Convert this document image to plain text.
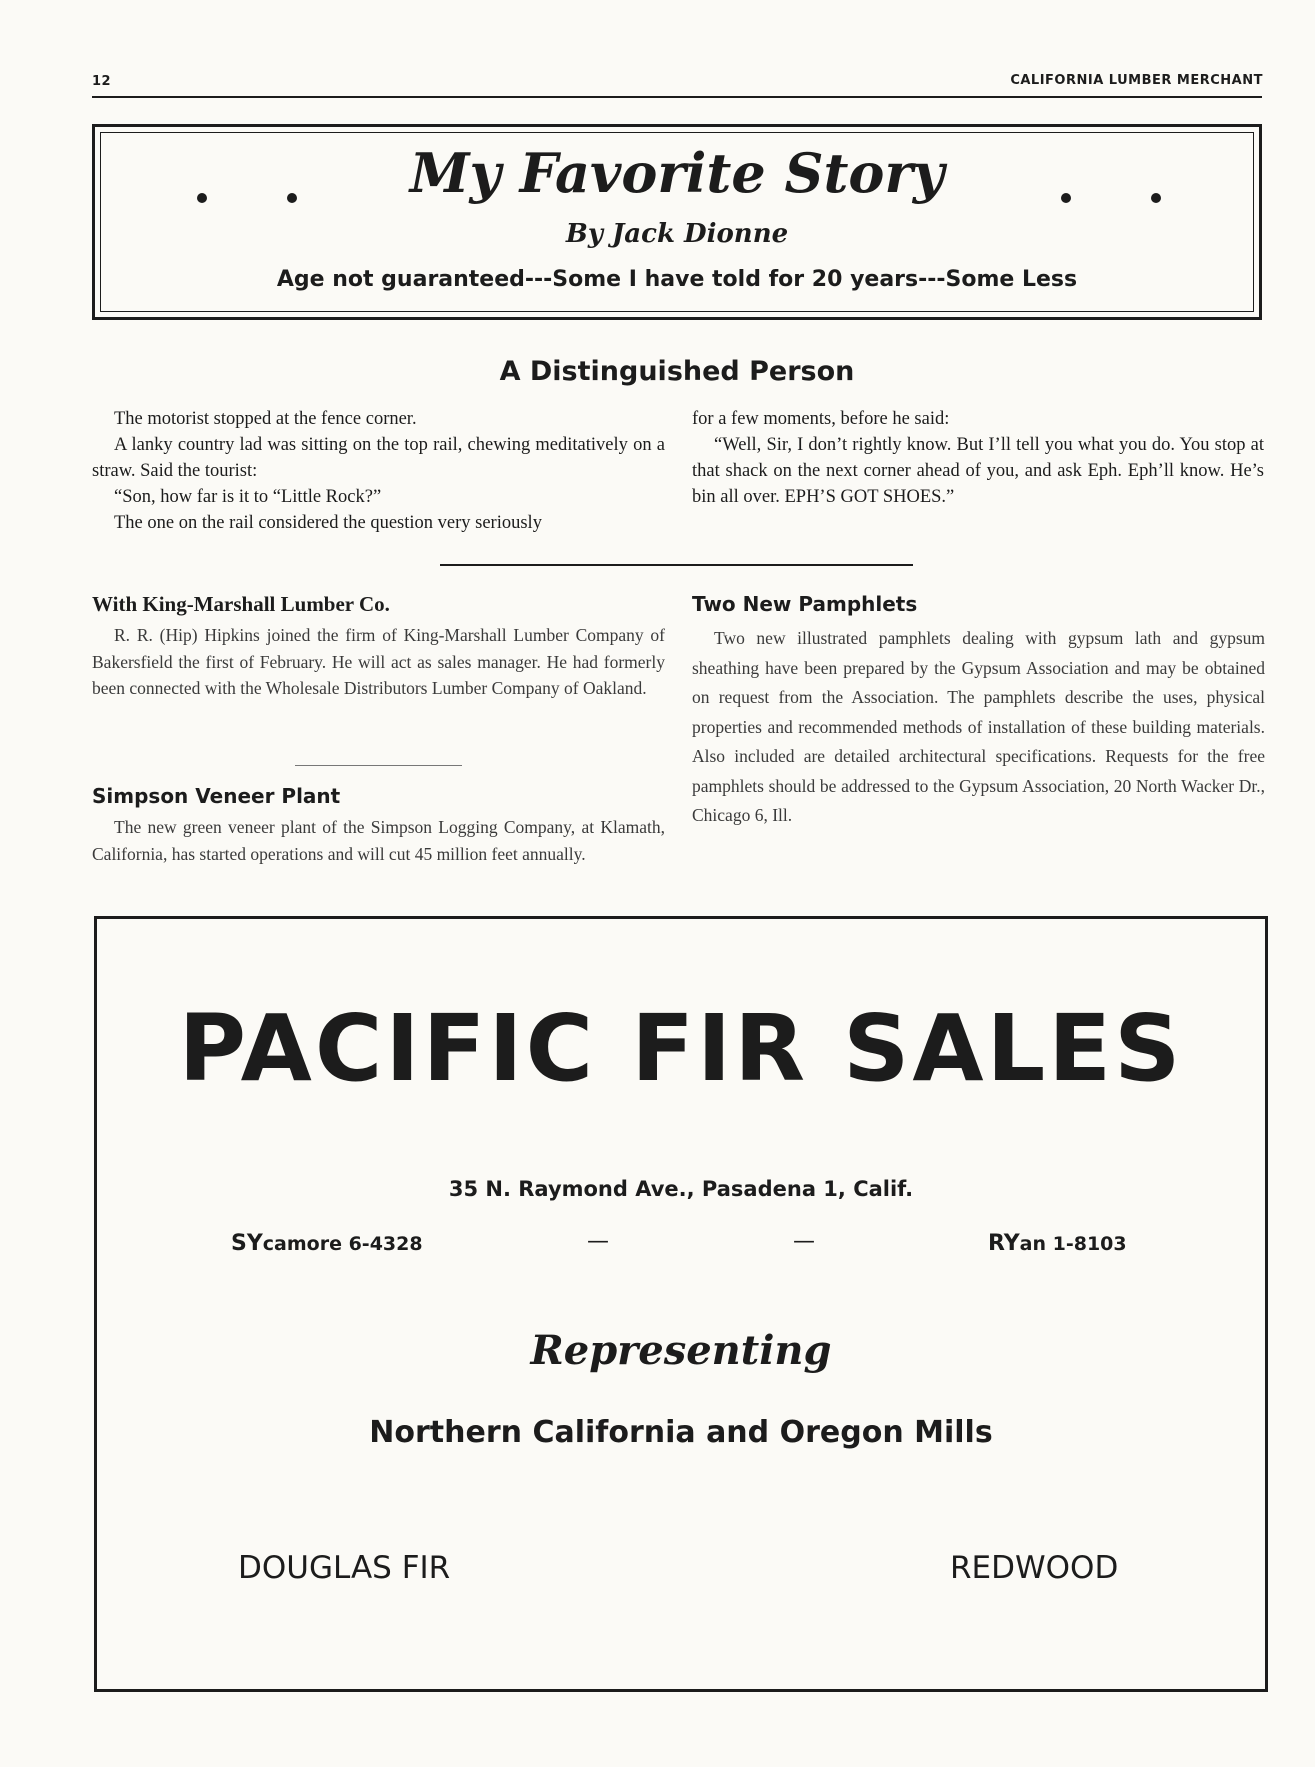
12	CALIFORNIA LUMBER MERCHANT
My Favorite Story
By Jack Dionne
Age not guaranteed---Some I have told for 20 years---Some Less
A Distinguished Person

The motorist stopped at the fence corner.

A lanky country lad was sitting on the top rail, chewing meditatively on a straw. Said the tourist:

“Son, how far is it to “Little Rock?”

The one on the rail considered the question very seriously

for a few moments, before he said:

“Well, Sir, I don’t rightly know. But I’ll tell you what you do. You stop at that shack on the next corner ahead of you, and ask Eph. Eph’ll know. He’s bin all over. EPH’S GOT SHOES.”

With King-Marshall Lumber Co.

R. R. (Hip) Hipkins joined the firm of King-Marshall Lumber Company of Bakersfield the first of February. He will act as sales manager. He had formerly been connected with the Wholesale Distributors Lumber Company of Oakland.

Simpson Veneer Plant

The new green veneer plant of the Simpson Logging Company, at Klamath, California, has started operations and will cut 45 million feet annually.

Two New Pamphlets

Two new illustrated pamphlets dealing with gypsum lath and gypsum sheathing have been prepared by the Gypsum Association and may be obtained on request from the Association. The pamphlets describe the uses, physical properties and recommended methods of installation of these building materials. Also included are detailed architectural specifications. Requests for the free pamphlets should be addressed to the Gypsum Association, 20 North Wacker Dr., Chicago 6, Ill.

PACIFIC FIR SALES
35 N. Raymond Ave., Pasadena 1, Calif.
SYcamore 6-4328	—	—	RYan 1-8103
Representing
Northern California and Oregon Mills
DOUGLAS FIR	REDWOOD
